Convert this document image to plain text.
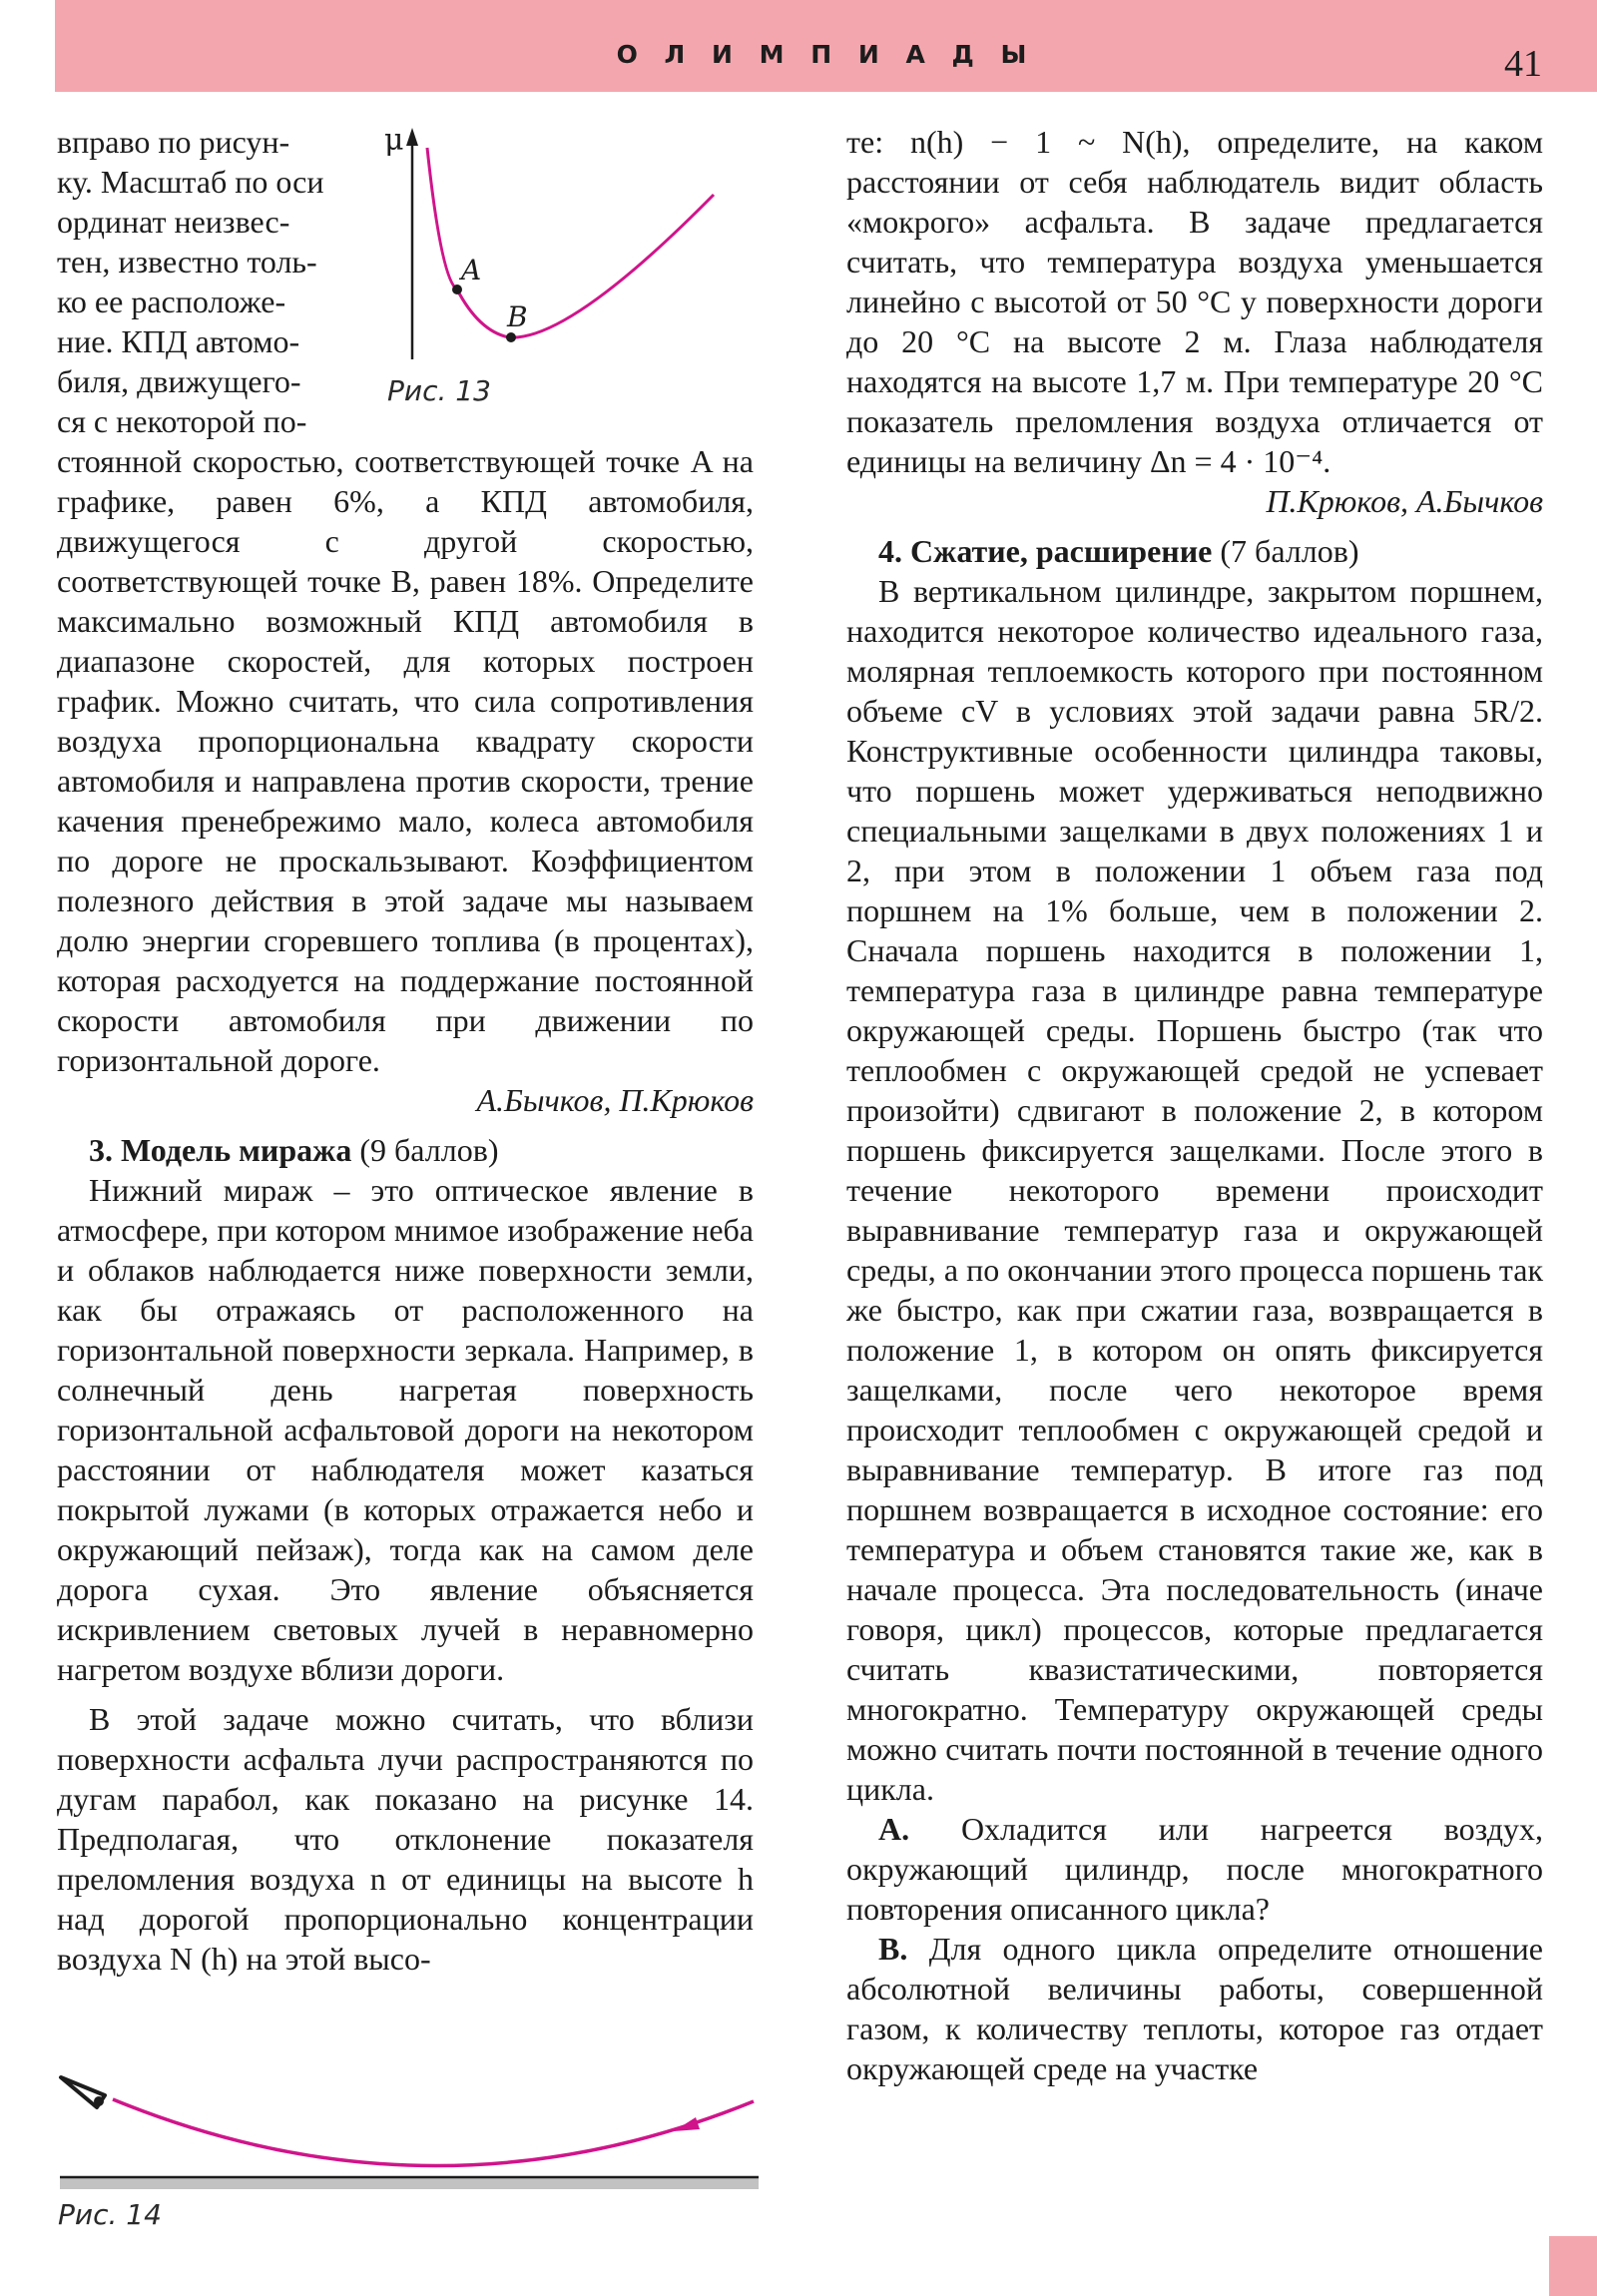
О Л И М П И А Д Ы	41
μ
A
B
Рис. 13
вправо по рисун-
ку. Масштаб по оси
ординат неизвес-
тен, известно толь-
ко ее расположе-
ние. КПД автомо-
биля, движущего-
ся с некоторой по-

стоянной скоростью, соответствующей точке A на графике, равен 6%, а КПД автомобиля, движущегося с другой скоростью, соответствующей точке B, равен 18%. Определите максимально возможный КПД автомобиля в диапазоне скоростей, для которых построен график. Можно считать, что сила сопротивления воздуха пропорциональна квадрату скорости автомобиля и направлена против скорости, трение качения пренебрежимо мало, колеса автомобиля по дороге не проскальзывают. Коэффициентом полезного действия в этой задаче мы называем долю энергии сгоревшего топлива (в процентах), которая расходуется на поддержание постоянной скорости автомобиля при движении по горизонтальной дороге.

А.Бычков, П.Крюков

3. Модель миража (9 баллов)

Нижний мираж – это оптическое явление в атмосфере, при котором мнимое изображение неба и облаков наблюдается ниже поверхности земли, как бы отражаясь от расположенного на горизонтальной поверхности зеркала. Например, в солнечный день нагретая поверхность горизонтальной асфальтовой дороги на некотором расстоянии от наблюдателя может казаться покрытой лужами (в которых отражается небо и окружающий пейзаж), тогда как на самом деле дорога сухая. Это явление объясняется искривлением световых лучей в неравномерно нагретом воздухе вблизи дороги.

В этой задаче можно считать, что вблизи поверхности асфальта лучи распространяются по дугам парабол, как показано на рисунке 14. Предполагая, что отклонение показателя преломления воздуха n от единицы на высоте h над дорогой пропорционально концентрации воздуха N (h) на этой высо-

Рис. 14

те: n(h) − 1 ~ N(h), определите, на каком расстоянии от себя наблюдатель видит область «мокрого» асфальта. В задаче предлагается считать, что температура воздуха уменьшается линейно с высотой от 50 °С у поверхности дороги до 20 °С на высоте 2 м. Глаза наблюдателя находятся на высоте 1,7 м. При температуре 20 °С показатель преломления воздуха отличается от единицы на величину Δn = 4 · 10⁻⁴.

П.Крюков, А.Бычков

4. Сжатие, расширение (7 баллов)

В вертикальном цилиндре, закрытом поршнем, находится некоторое количество идеального газа, молярная теплоемкость которого при постоянном объеме cV в условиях этой задачи равна 5R/2. Конструктивные особенности цилиндра таковы, что поршень может удерживаться неподвижно специальными защелками в двух положениях 1 и 2, при этом в положении 1 объем газа под поршнем на 1% больше, чем в положении 2. Сначала поршень находится в положении 1, температура газа в цилиндре равна температуре окружающей среды. Поршень быстро (так что теплообмен с окружающей средой не успевает произойти) сдвигают в положение 2, в котором поршень фиксируется защелками. После этого в течение некоторого времени происходит выравнивание температур газа и окружающей среды, а по окончании этого процесса поршень так же быстро, как при сжатии газа, возвращается в положение 1, в котором он опять фиксируется защелками, после чего некоторое время происходит теплообмен с окружающей средой и выравнивание температур. В итоге газ под поршнем возвращается в исходное состояние: его температура и объем становятся такие же, как в начале процесса. Эта последовательность (иначе говоря, цикл) процессов, которые предлагается считать квазистатическими, повторяется многократно. Температуру окружающей среды можно считать почти постоянной в течение одного цикла.

А. Охладится или нагреется воздух, окружающий цилиндр, после многократного повторения описанного цикла?

В. Для одного цикла определите отношение абсолютной величины работы, совершенной газом, к количеству теплоты, которое газ отдает окружающей среде на участке
